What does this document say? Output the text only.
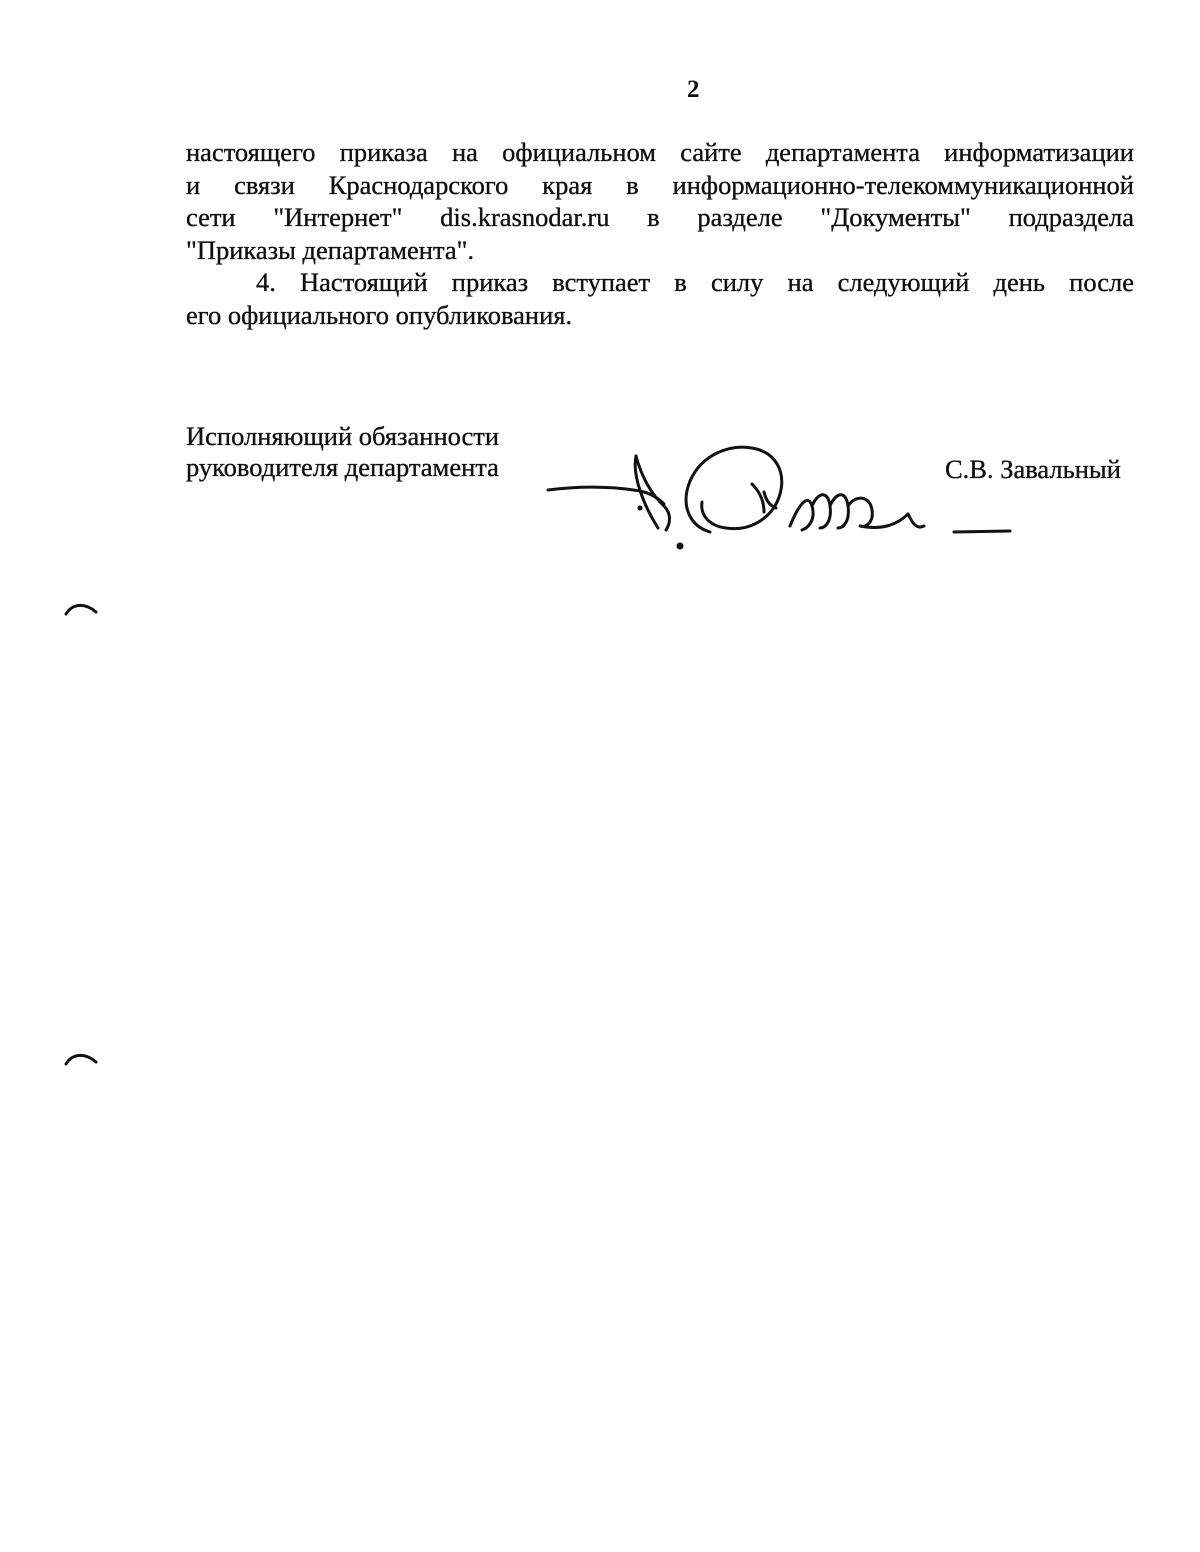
2
настоящего приказа на официальном сайте департамента информатизации
и связи Краснодарского края в информационно-телекоммуникационной
сети "Интернет" dis.krasnodar.ru в разделе "Документы" подраздела
"Приказы департамента".
4. Настоящий приказ вступает в силу на следующий день после
его официального опубликования.
Исполняющий обязанности
руководителя департамента	С.В. Завальный
